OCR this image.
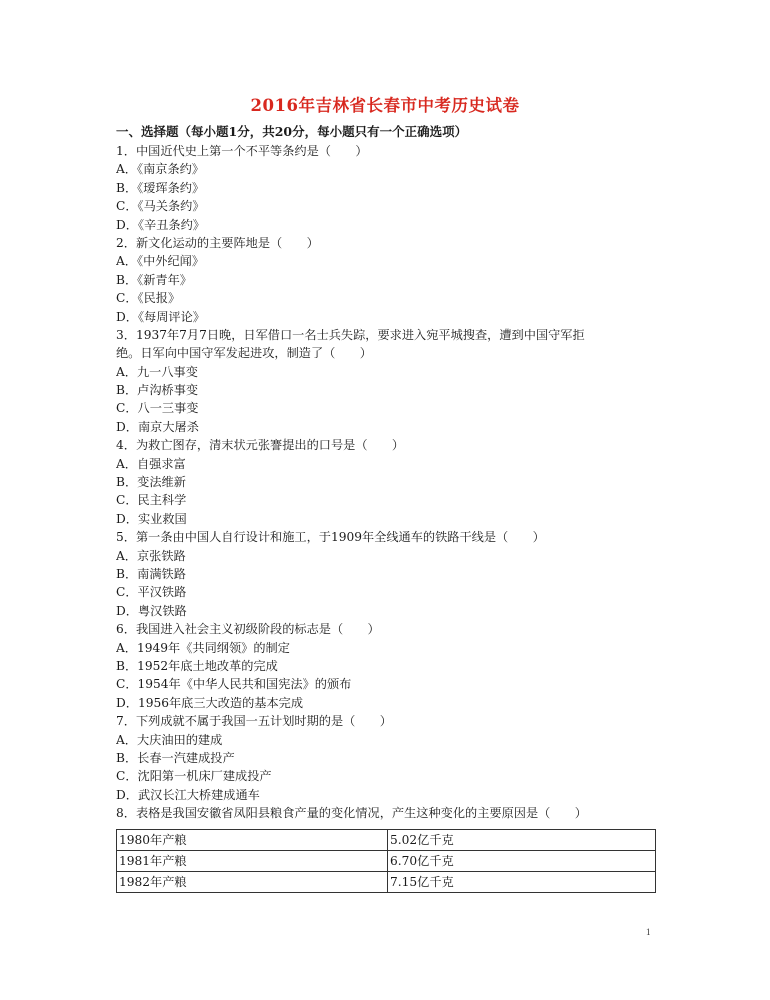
2016年吉林省长春市中考历史试卷
一、选择题（每小题1分，共20分，每小题只有一个正确选项）
1．中国近代史上第一个不平等条约是（　　）
A．《南京条约》
B．《瑷珲条约》
C．《马关条约》
D．《辛丑条约》
2．新文化运动的主要阵地是（　　）
A．《中外纪闻》
B．《新青年》
C．《民报》
D．《每周评论》
3．1937年7月7日晚，日军借口一名士兵失踪，要求进入宛平城搜查，遭到中国守军拒
绝。日军向中国守军发起进攻，制造了（　　）
A．九一八事变
B．卢沟桥事变
C．八一三事变
D．南京大屠杀
4．为救亡图存，清末状元张謇提出的口号是（　　）
A．自强求富
B．变法维新
C．民主科学
D．实业救国
5．第一条由中国人自行设计和施工，于1909年全线通车的铁路干线是（　　）
A．京张铁路
B．南满铁路
C．平汉铁路
D．粤汉铁路
6．我国进入社会主义初级阶段的标志是（　　）
A．1949年《共同纲领》的制定
B．1952年底土地改革的完成
C．1954年《中华人民共和国宪法》的颁布
D．1956年底三大改造的基本完成
7．下列成就不属于我国一五计划时期的是（　　）
A．大庆油田的建成
B．长春一汽建成投产
C．沈阳第一机床厂建成投产
D．武汉长江大桥建成通车
8．表格是我国安徽省凤阳县粮食产量的变化情况，产生这种变化的主要原因是（　　）
1980年产粮	5.02亿千克
1981年产粮	6.70亿千克
1982年产粮	7.15亿千克
1
